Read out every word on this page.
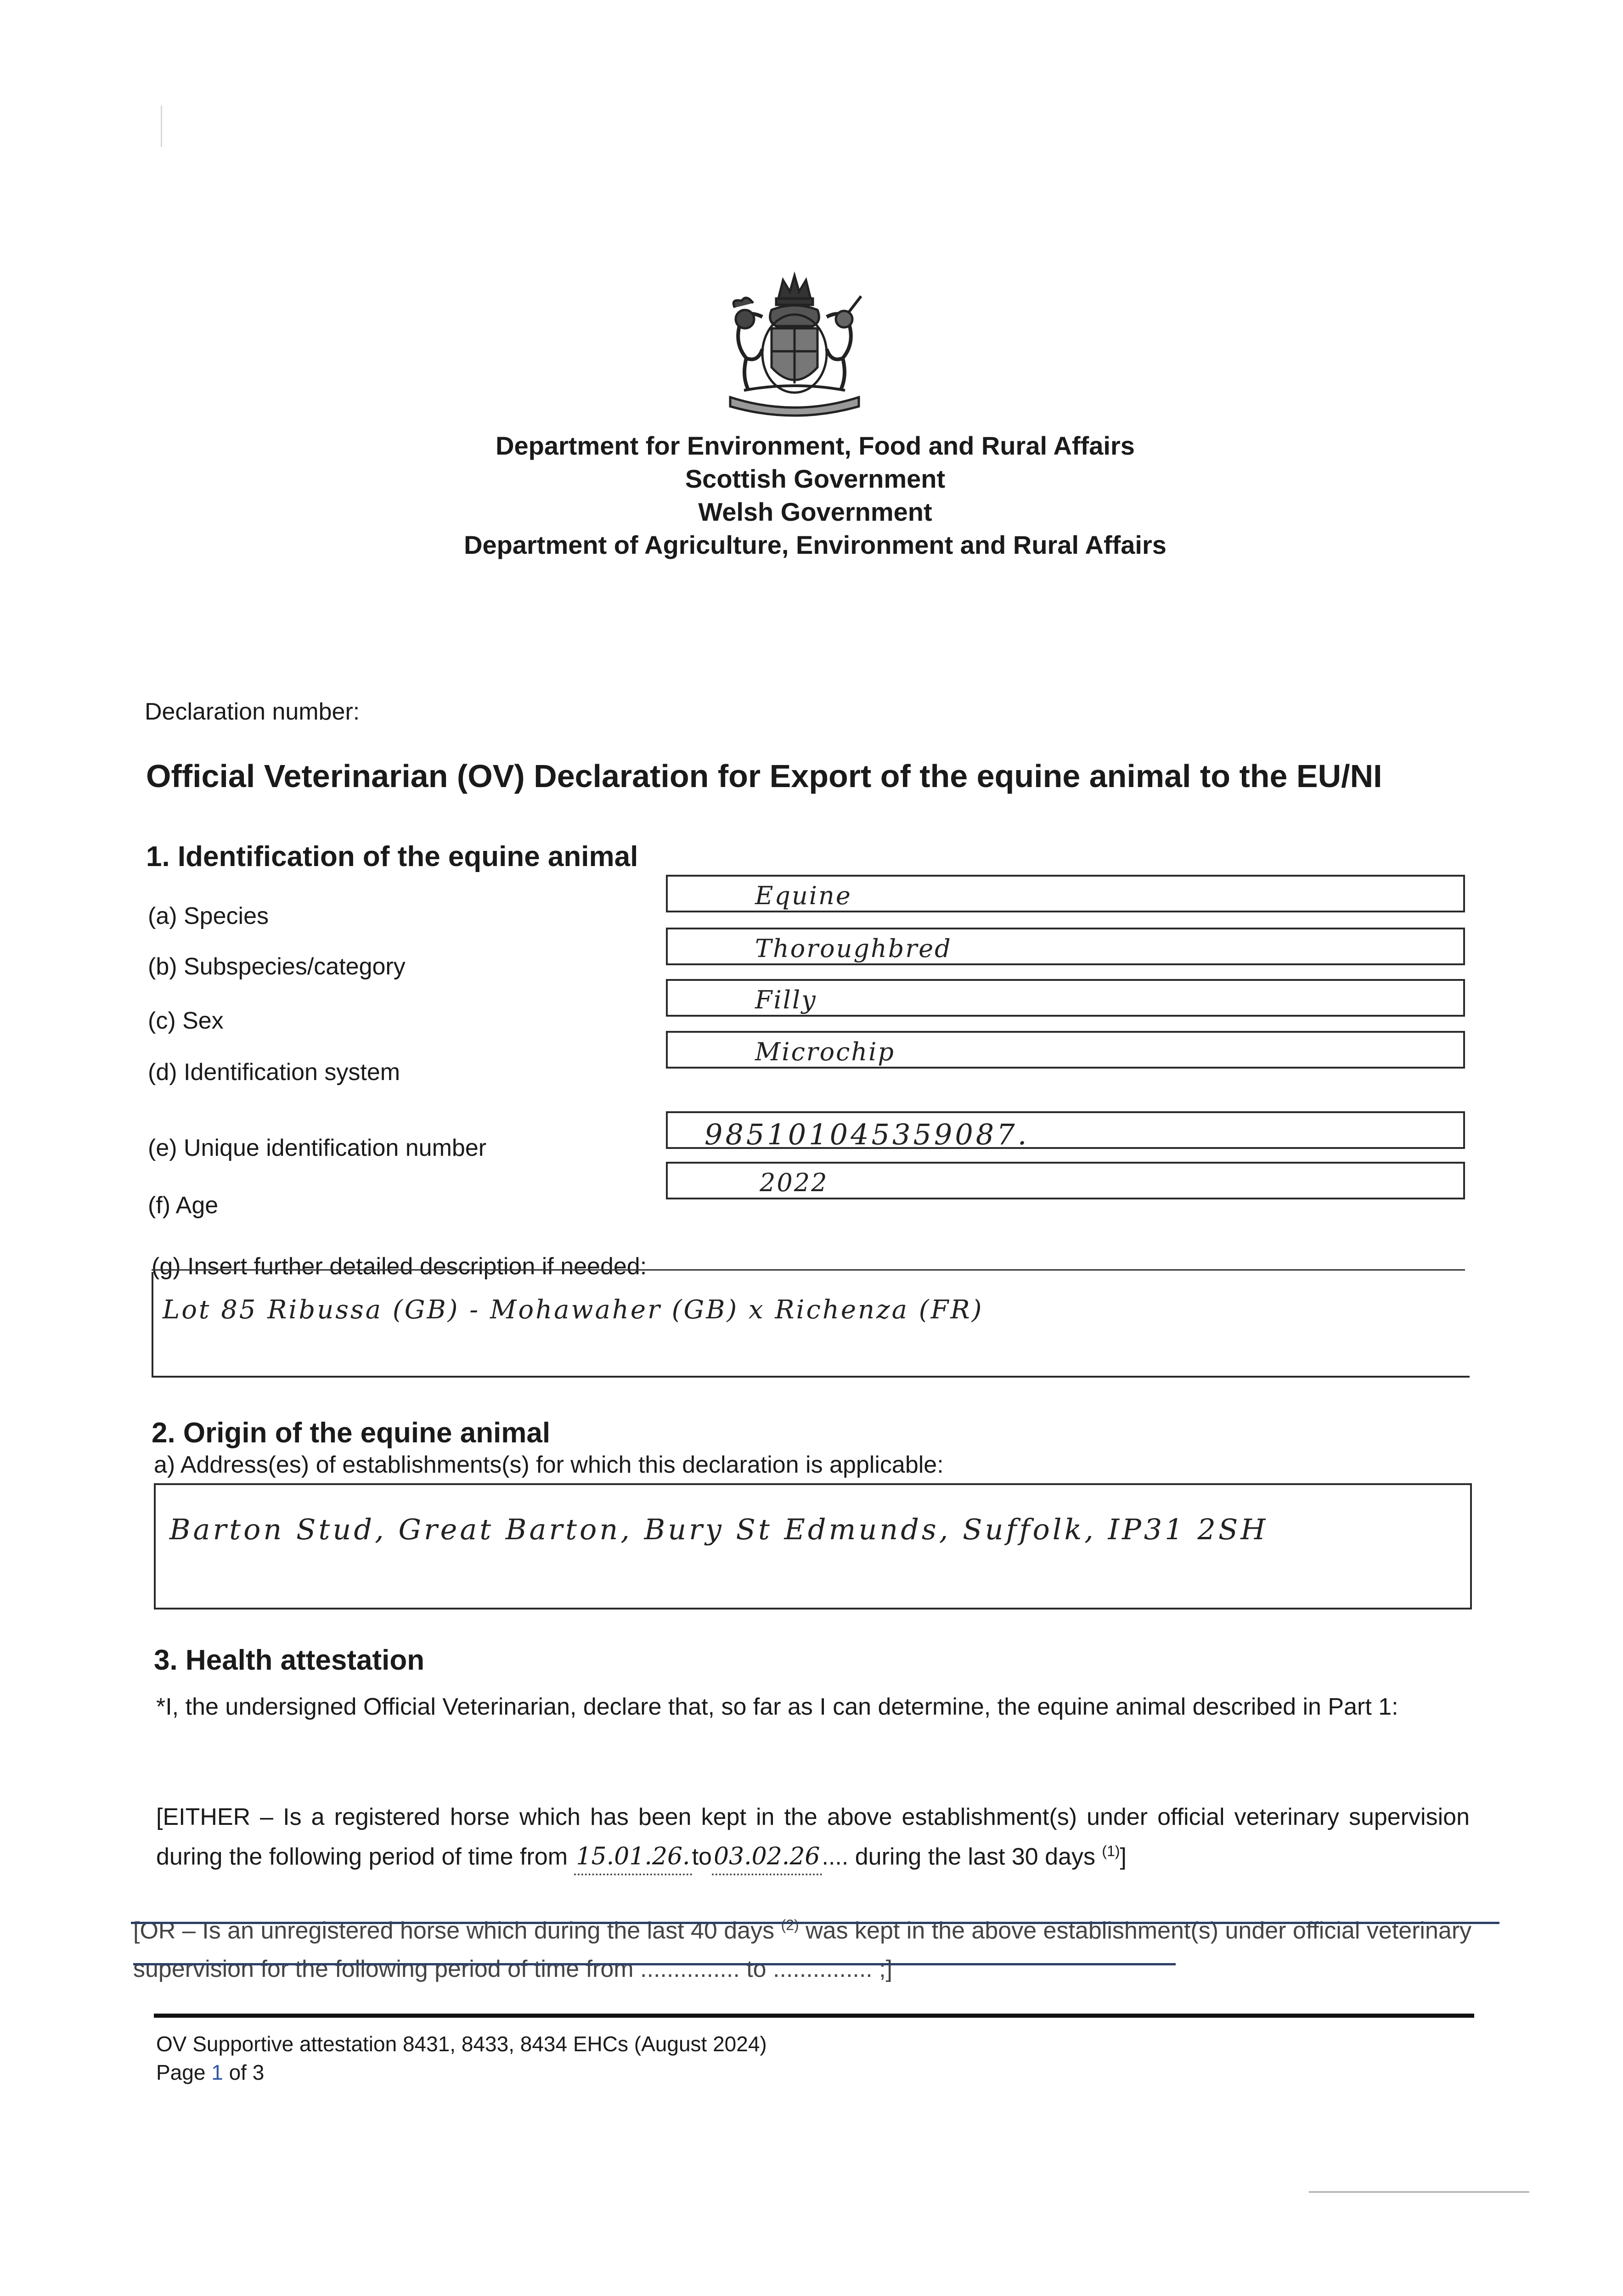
Department for Environment, Food and Rural Affairs
Scottish Government
Welsh Government
Department of Agriculture, Environment and Rural Affairs
Declaration number:
Official Veterinarian (OV) Declaration for Export of the equine animal to the EU/NI
1. Identification of the equine animal
(a) Species
Equine
(b) Subspecies/category
Thoroughbred
(c) Sex
Filly
(d) Identification system
Microchip
(e) Unique identification number	985101045359087.
(f) Age
2022
(g) Insert further detailed description if needed:
Lot 85 Ribussa (GB) - Mohawaher (GB) x Richenza (FR)
2. Origin of the equine animal
a) Address(es) of establishments(s) for which this declaration is applicable:
Barton Stud, Great Barton, Bury St Edmunds, Suffolk, IP31 2SH
3. Health attestation
*I, the undersigned Official Veterinarian, declare that, so far as I can determine, the equine animal described in Part 1:
[EITHER – Is a registered horse which has been kept in the above establishment(s) under official veterinary supervision during the following period of time from 15.01.26.to03.02.26.... during the last 30 days $^{(1)}$]
[OR – Is an unregistered horse which during the last 40 days $^{(2)}$ was kept in the above establishment(s) under official veterinary supervision for the following period of time from ............... to ............... ;]
OV Supportive attestation 8431, 8433, 8434 EHCs (August 2024)
Page 1 of 3
